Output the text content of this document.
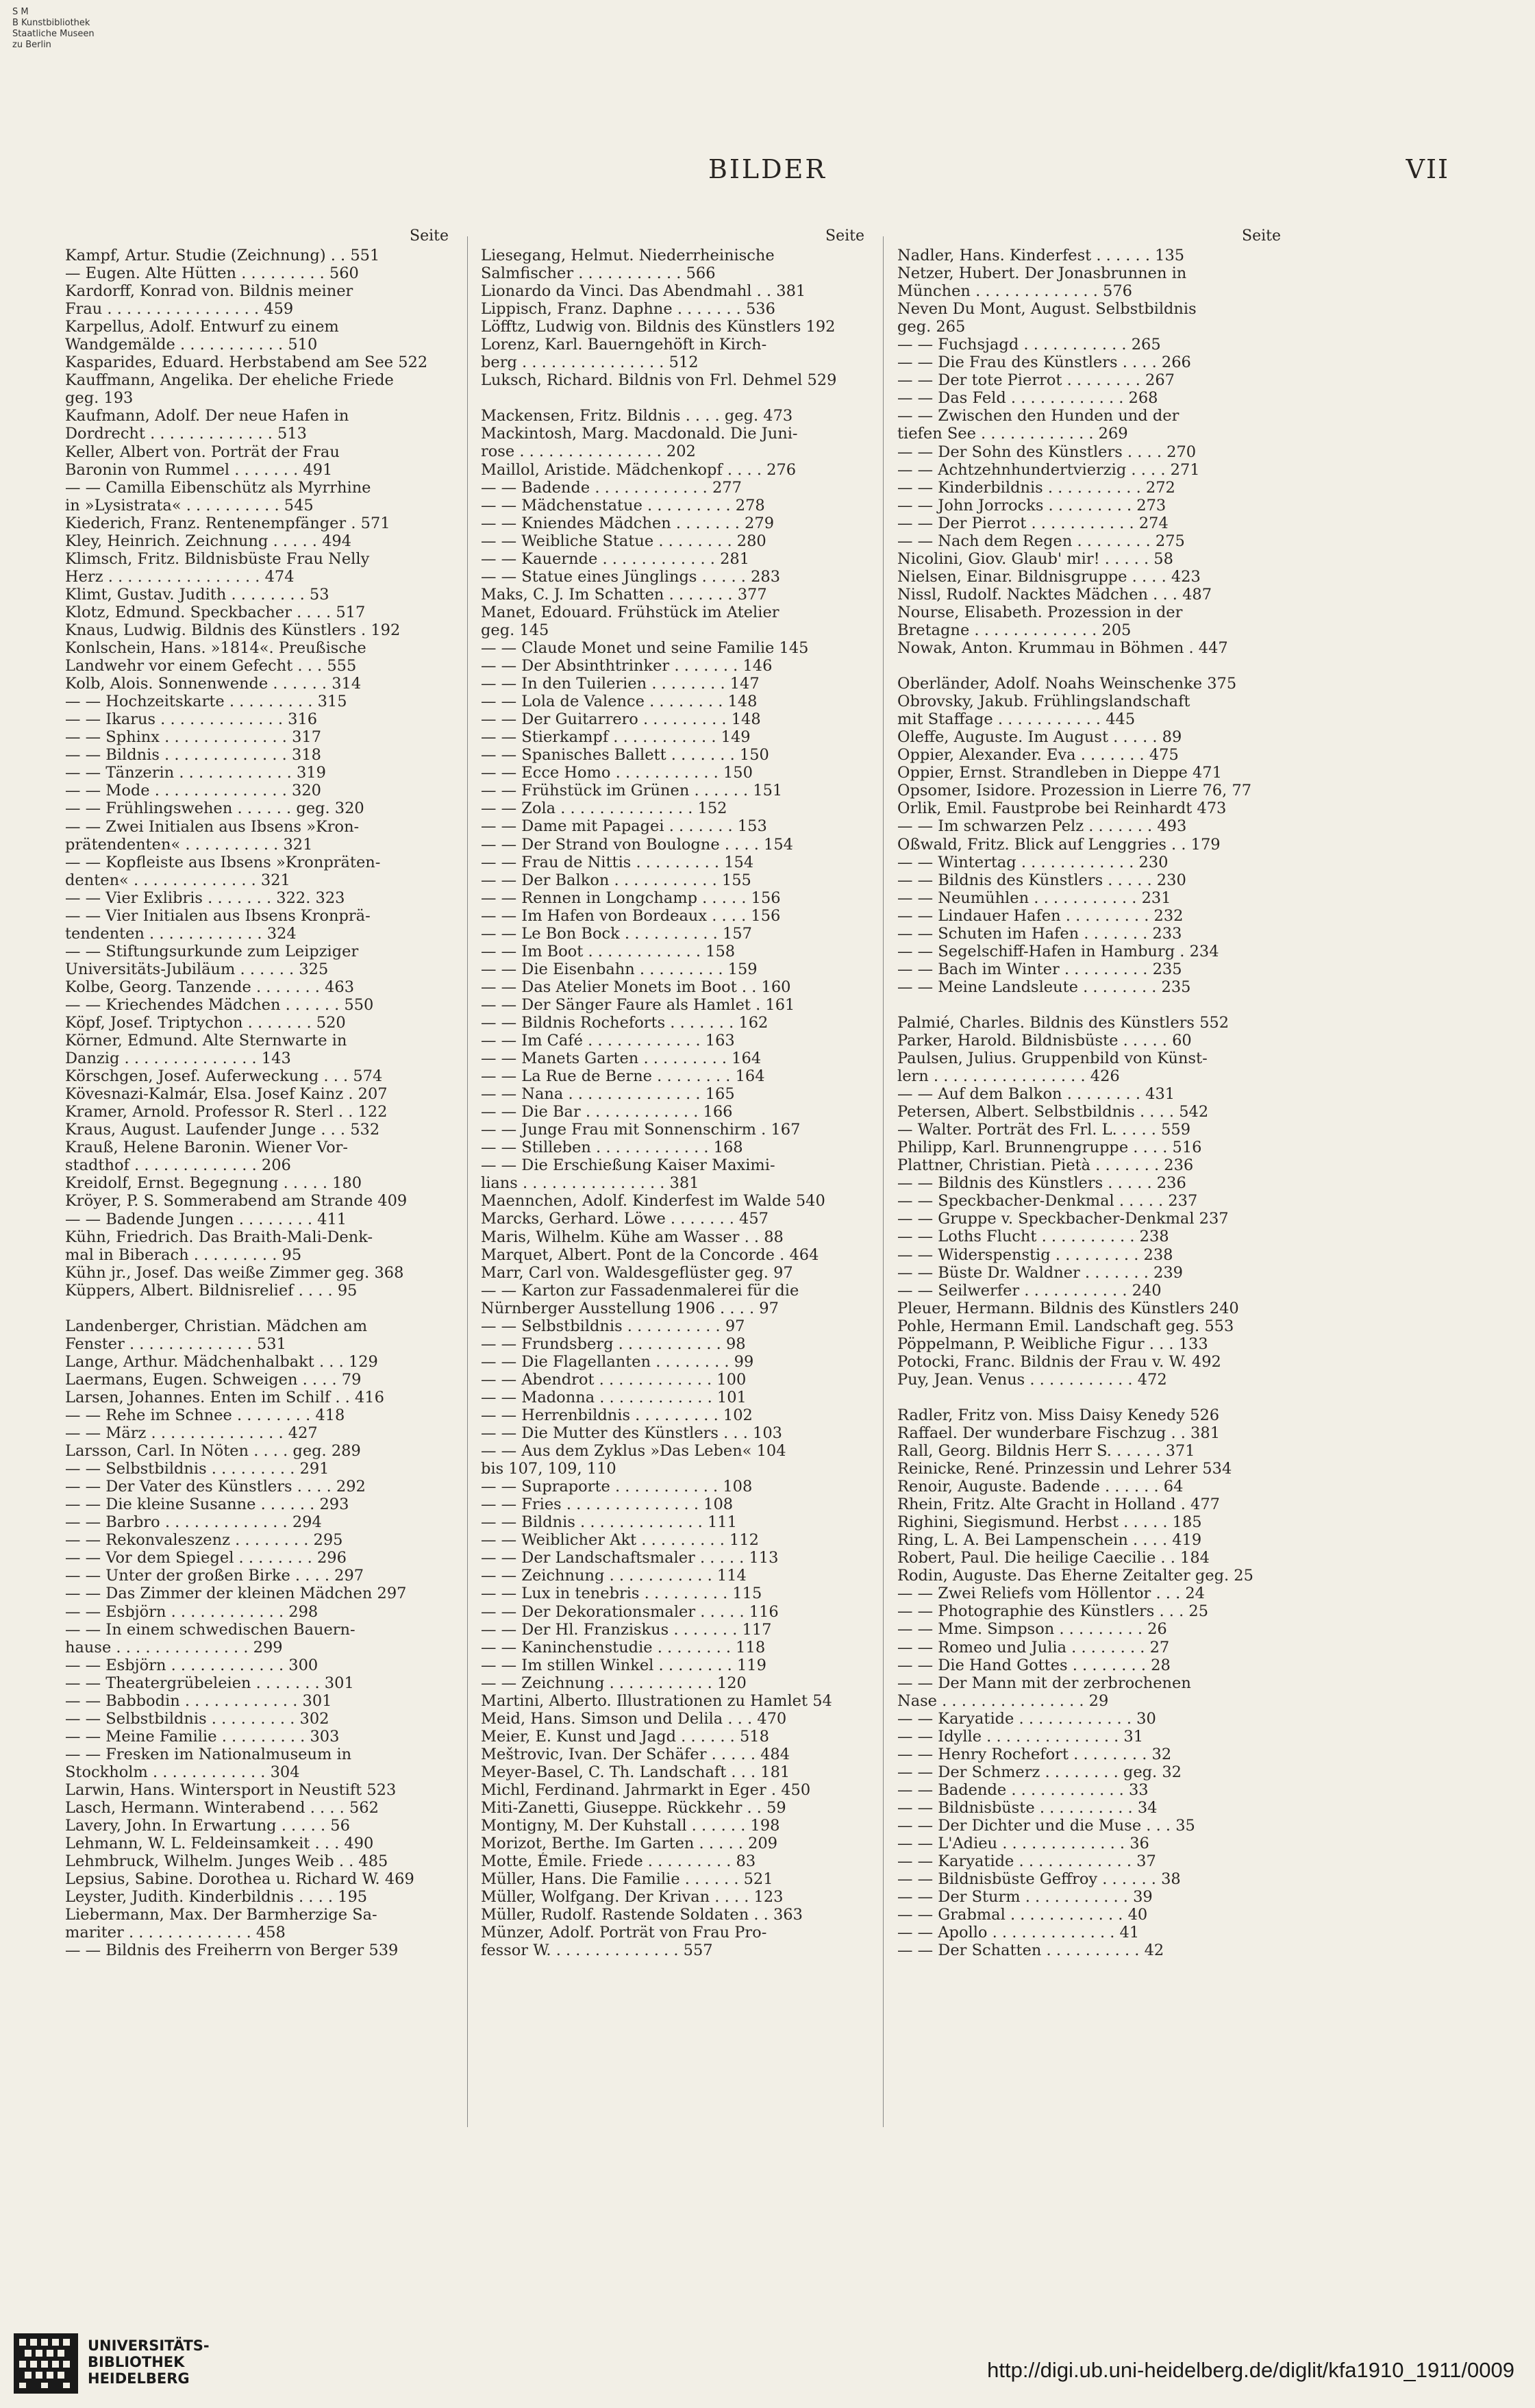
S M
B Kunstbibliothek
Staatliche Museen
zu Berlin
BILDER	VII
Seite
Kampf, Artur. Studie (Zeichnung) . . 551
— Eugen. Alte Hütten . . . . . . . . . 560
Kardorff, Konrad von. Bildnis meiner
Frau . . . . . . . . . . . . . . . . 459
Karpellus, Adolf. Entwurf zu einem
Wandgemälde . . . . . . . . . . . 510
Kasparides, Eduard. Herbstabend am See 522
Kauffmann, Angelika. Der eheliche Friede
geg. 193
Kaufmann, Adolf. Der neue Hafen in
Dordrecht . . . . . . . . . . . . . 513
Keller, Albert von. Porträt der Frau
Baronin von Rummel . . . . . . . 491
— — Camilla Eibenschütz als Myrrhine
in »Lysistrata« . . . . . . . . . . 545
Kiederich, Franz. Rentenempfänger . 571
Kley, Heinrich. Zeichnung . . . . . 494
Klimsch, Fritz. Bildnisbüste Frau Nelly
Herz . . . . . . . . . . . . . . . . 474
Klimt, Gustav. Judith . . . . . . . . 53
Klotz, Edmund. Speckbacher . . . . 517
Knaus, Ludwig. Bildnis des Künstlers . 192
Konlschein, Hans. »1814«. Preußische
Landwehr vor einem Gefecht . . . 555
Kolb, Alois. Sonnenwende . . . . . . 314
— — Hochzeitskarte . . . . . . . . . 315
— — Ikarus . . . . . . . . . . . . . 316
— — Sphinx . . . . . . . . . . . . . 317
— — Bildnis . . . . . . . . . . . . . 318
— — Tänzerin . . . . . . . . . . . . 319
— — Mode . . . . . . . . . . . . . . 320
— — Frühlingswehen . . . . . . geg. 320
— — Zwei Initialen aus Ibsens »Kron-
prätendenten« . . . . . . . . . . 321
— — Kopfleiste aus Ibsens »Kronpräten-
denten« . . . . . . . . . . . . . 321
— — Vier Exlibris . . . . . . . 322. 323
— — Vier Initialen aus Ibsens Kronprä-
tendenten . . . . . . . . . . . . 324
— — Stiftungsurkunde zum Leipziger
Universitäts-Jubiläum . . . . . . 325
Kolbe, Georg. Tanzende . . . . . . . 463
— — Kriechendes Mädchen . . . . . . 550
Köpf, Josef. Triptychon . . . . . . . 520
Körner, Edmund. Alte Sternwarte in
Danzig . . . . . . . . . . . . . . 143
Körschgen, Josef. Auferweckung . . . 574
Kövesnazi-Kalmár, Elsa. Josef Kainz . 207
Kramer, Arnold. Professor R. Sterl . . 122
Kraus, August. Laufender Junge . . . 532
Krauß, Helene Baronin. Wiener Vor-
stadthof . . . . . . . . . . . . . 206
Kreidolf, Ernst. Begegnung . . . . . 180
Kröyer, P. S. Sommerabend am Strande 409
— — Badende Jungen . . . . . . . . 411
Kühn, Friedrich. Das Braith-Mali-Denk-
mal in Biberach . . . . . . . . . 95
Kühn jr., Josef. Das weiße Zimmer geg. 368
Küppers, Albert. Bildnisrelief . . . . 95
Landenberger, Christian. Mädchen am
Fenster . . . . . . . . . . . . . 531
Lange, Arthur. Mädchenhalbakt . . . 129
Laermans, Eugen. Schweigen . . . . 79
Larsen, Johannes. Enten im Schilf . . 416
— — Rehe im Schnee . . . . . . . . 418
— — März . . . . . . . . . . . . . . 427
Larsson, Carl. In Nöten . . . . geg. 289
— — Selbstbildnis . . . . . . . . . 291
— — Der Vater des Künstlers . . . . 292
— — Die kleine Susanne . . . . . . 293
— — Barbro . . . . . . . . . . . . . 294
— — Rekonvaleszenz . . . . . . . . 295
— — Vor dem Spiegel . . . . . . . . 296
— — Unter der großen Birke . . . . 297
— — Das Zimmer der kleinen Mädchen 297
— — Esbjörn . . . . . . . . . . . . 298
— — In einem schwedischen Bauern-
hause . . . . . . . . . . . . . . 299
— — Esbjörn . . . . . . . . . . . . 300
— — Theatergrübeleien . . . . . . . 301
— — Babbodin . . . . . . . . . . . . 301
— — Selbstbildnis . . . . . . . . . 302
— — Meine Familie . . . . . . . . . 303
— — Fresken im Nationalmuseum in
Stockholm . . . . . . . . . . . . 304
Larwin, Hans. Wintersport in Neustift 523
Lasch, Hermann. Winterabend . . . . 562
Lavery, John. In Erwartung . . . . . 56
Lehmann, W. L. Feldeinsamkeit . . . 490
Lehmbruck, Wilhelm. Junges Weib . . 485
Lepsius, Sabine. Dorothea u. Richard W. 469
Leyster, Judith. Kinderbildnis . . . . 195
Liebermann, Max. Der Barmherzige Sa-
mariter . . . . . . . . . . . . . 458
— — Bildnis des Freiherrn von Berger 539
Seite
Liesegang, Helmut. Niederrheinische
Salmfischer . . . . . . . . . . . 566
Lionardo da Vinci. Das Abendmahl . . 381
Lippisch, Franz. Daphne . . . . . . . 536
Löfftz, Ludwig von. Bildnis des Künstlers 192
Lorenz, Karl. Bauerngehöft in Kirch-
berg . . . . . . . . . . . . . . . 512
Luksch, Richard. Bildnis von Frl. Dehmel 529
Mackensen, Fritz. Bildnis . . . . geg. 473
Mackintosh, Marg. Macdonald. Die Juni-
rose . . . . . . . . . . . . . . . 202
Maillol, Aristide. Mädchenkopf . . . . 276
— — Badende . . . . . . . . . . . . 277
— — Mädchenstatue . . . . . . . . . 278
— — Kniendes Mädchen . . . . . . . 279
— — Weibliche Statue . . . . . . . . 280
— — Kauernde . . . . . . . . . . . . 281
— — Statue eines Jünglings . . . . . 283
Maks, C. J. Im Schatten . . . . . . . 377
Manet, Edouard. Frühstück im Atelier
geg. 145
— — Claude Monet und seine Familie 145
— — Der Absinthtrinker . . . . . . . 146
— — In den Tuilerien . . . . . . . . 147
— — Lola de Valence . . . . . . . . 148
— — Der Guitarrero . . . . . . . . . 148
— — Stierkampf . . . . . . . . . . . 149
— — Spanisches Ballett . . . . . . . 150
— — Ecce Homo . . . . . . . . . . . 150
— — Frühstück im Grünen . . . . . . 151
— — Zola . . . . . . . . . . . . . . 152
— — Dame mit Papagei . . . . . . . 153
— — Der Strand von Boulogne . . . . 154
— — Frau de Nittis . . . . . . . . . 154
— — Der Balkon . . . . . . . . . . . 155
— — Rennen in Longchamp . . . . . 156
— — Im Hafen von Bordeaux . . . . 156
— — Le Bon Bock . . . . . . . . . . 157
— — Im Boot . . . . . . . . . . . . 158
— — Die Eisenbahn . . . . . . . . . 159
— — Das Atelier Monets im Boot . . 160
— — Der Sänger Faure als Hamlet . 161
— — Bildnis Rocheforts . . . . . . . 162
— — Im Café . . . . . . . . . . . . 163
— — Manets Garten . . . . . . . . . 164
— — La Rue de Berne . . . . . . . . 164
— — Nana . . . . . . . . . . . . . . 165
— — Die Bar . . . . . . . . . . . . 166
— — Junge Frau mit Sonnenschirm . 167
— — Stilleben . . . . . . . . . . . . 168
— — Die Erschießung Kaiser Maximi-
lians . . . . . . . . . . . . . . . 381
Maennchen, Adolf. Kinderfest im Walde 540
Marcks, Gerhard. Löwe . . . . . . . 457
Maris, Wilhelm. Kühe am Wasser . . 88
Marquet, Albert. Pont de la Concorde . 464
Marr, Carl von. Waldesgeflüster geg. 97
— — Karton zur Fassadenmalerei für die
Nürnberger Ausstellung 1906 . . . . 97
— — Selbstbildnis . . . . . . . . . . 97
— — Frundsberg . . . . . . . . . . . 98
— — Die Flagellanten . . . . . . . . 99
— — Abendrot . . . . . . . . . . . . 100
— — Madonna . . . . . . . . . . . . 101
— — Herrenbildnis . . . . . . . . . 102
— — Die Mutter des Künstlers . . . 103
— — Aus dem Zyklus »Das Leben« 104
bis 107, 109, 110
— — Supraporte . . . . . . . . . . . 108
— — Fries . . . . . . . . . . . . . . 108
— — Bildnis . . . . . . . . . . . . . 111
— — Weiblicher Akt . . . . . . . . . 112
— — Der Landschaftsmaler . . . . . 113
— — Zeichnung . . . . . . . . . . . 114
— — Lux in tenebris . . . . . . . . . 115
— — Der Dekorationsmaler . . . . . 116
— — Der Hl. Franziskus . . . . . . . 117
— — Kaninchenstudie . . . . . . . . 118
— — Im stillen Winkel . . . . . . . . 119
— — Zeichnung . . . . . . . . . . . 120
Martini, Alberto. Illustrationen zu Hamlet 54
Meid, Hans. Simson und Delila . . . 470
Meier, E. Kunst und Jagd . . . . . . 518
Meštrovic, Ivan. Der Schäfer . . . . . 484
Meyer-Basel, C. Th. Landschaft . . . 181
Michl, Ferdinand. Jahrmarkt in Eger . 450
Miti-Zanetti, Giuseppe. Rückkehr . . 59
Montigny, M. Der Kuhstall . . . . . . 198
Morizot, Berthe. Im Garten . . . . . 209
Motte, Émile. Friede . . . . . . . . . 83
Müller, Hans. Die Familie . . . . . . 521
Müller, Wolfgang. Der Krivan . . . . 123
Müller, Rudolf. Rastende Soldaten . . 363
Münzer, Adolf. Porträt von Frau Pro-
fessor W. . . . . . . . . . . . . . 557
Seite
Nadler, Hans. Kinderfest . . . . . . 135
Netzer, Hubert. Der Jonasbrunnen in
München . . . . . . . . . . . . . 576
Neven Du Mont, August. Selbstbildnis
geg. 265
— — Fuchsjagd . . . . . . . . . . . 265
— — Die Frau des Künstlers . . . . 266
— — Der tote Pierrot . . . . . . . . 267
— — Das Feld . . . . . . . . . . . . 268
— — Zwischen den Hunden und der
tiefen See . . . . . . . . . . . . 269
— — Der Sohn des Künstlers . . . . 270
— — Achtzehnhundertvierzig . . . . 271
— — Kinderbildnis . . . . . . . . . . 272
— — John Jorrocks . . . . . . . . . 273
— — Der Pierrot . . . . . . . . . . . 274
— — Nach dem Regen . . . . . . . . 275
Nicolini, Giov. Glaub' mir! . . . . . 58
Nielsen, Einar. Bildnisgruppe . . . . 423
Nissl, Rudolf. Nacktes Mädchen . . . 487
Nourse, Elisabeth. Prozession in der
Bretagne . . . . . . . . . . . . . 205
Nowak, Anton. Krummau in Böhmen . 447
Oberländer, Adolf. Noahs Weinschenke 375
Obrovsky, Jakub. Frühlingslandschaft
mit Staffage . . . . . . . . . . . 445
Oleffe, Auguste. Im August . . . . . 89
Oppier, Alexander. Eva . . . . . . . 475
Oppier, Ernst. Strandleben in Dieppe 471
Opsomer, Isidore. Prozession in Lierre 76, 77
Orlik, Emil. Faustprobe bei Reinhardt 473
— — Im schwarzen Pelz . . . . . . . 493
Oßwald, Fritz. Blick auf Lenggries . . 179
— — Wintertag . . . . . . . . . . . . 230
— — Bildnis des Künstlers . . . . . 230
— — Neumühlen . . . . . . . . . . . 231
— — Lindauer Hafen . . . . . . . . . 232
— — Schuten im Hafen . . . . . . . 233
— — Segelschiff-Hafen in Hamburg . 234
— — Bach im Winter . . . . . . . . . 235
— — Meine Landsleute . . . . . . . . 235
Palmié, Charles. Bildnis des Künstlers 552
Parker, Harold. Bildnisbüste . . . . . 60
Paulsen, Julius. Gruppenbild von Künst-
lern . . . . . . . . . . . . . . . . 426
— — Auf dem Balkon . . . . . . . . 431
Petersen, Albert. Selbstbildnis . . . . 542
— Walter. Porträt des Frl. L. . . . . 559
Philipp, Karl. Brunnengruppe . . . . 516
Plattner, Christian. Pietà . . . . . . . 236
— — Bildnis des Künstlers . . . . . 236
— — Speckbacher-Denkmal . . . . . 237
— — Gruppe v. Speckbacher-Denkmal 237
— — Loths Flucht . . . . . . . . . . 238
— — Widerspenstig . . . . . . . . . 238
— — Büste Dr. Waldner . . . . . . . 239
— — Seilwerfer . . . . . . . . . . . 240
Pleuer, Hermann. Bildnis des Künstlers 240
Pohle, Hermann Emil. Landschaft geg. 553
Pöppelmann, P. Weibliche Figur . . . 133
Potocki, Franc. Bildnis der Frau v. W. 492
Puy, Jean. Venus . . . . . . . . . . . 472
Radler, Fritz von. Miss Daisy Kenedy 526
Raffael. Der wunderbare Fischzug . . 381
Rall, Georg. Bildnis Herr S. . . . . . 371
Reinicke, René. Prinzessin und Lehrer 534
Renoir, Auguste. Badende . . . . . . 64
Rhein, Fritz. Alte Gracht in Holland . 477
Righini, Siegismund. Herbst . . . . . 185
Ring, L. A. Bei Lampenschein . . . . 419
Robert, Paul. Die heilige Caecilie . . 184
Rodin, Auguste. Das Eherne Zeitalter geg. 25
— — Zwei Reliefs vom Höllentor . . . 24
— — Photographie des Künstlers . . . 25
— — Mme. Simpson . . . . . . . . . 26
— — Romeo und Julia . . . . . . . . 27
— — Die Hand Gottes . . . . . . . . 28
— — Der Mann mit der zerbrochenen
Nase . . . . . . . . . . . . . . . 29
— — Karyatide . . . . . . . . . . . . 30
— — Idylle . . . . . . . . . . . . . . 31
— — Henry Rochefort . . . . . . . . 32
— — Der Schmerz . . . . . . . . geg. 32
— — Badende . . . . . . . . . . . . 33
— — Bildnisbüste . . . . . . . . . . 34
— — Der Dichter und die Muse . . . 35
— — L'Adieu . . . . . . . . . . . . . 36
— — Karyatide . . . . . . . . . . . . 37
— — Bildnisbüste Geffroy . . . . . . 38
— — Der Sturm . . . . . . . . . . . 39
— — Grabmal . . . . . . . . . . . . 40
— — Apollo . . . . . . . . . . . . . 41
— — Der Schatten . . . . . . . . . . 42
UNIVERSITÄTS-
BIBLIOTHEK
HEIDELBERG	http://digi.ub.uni-heidelberg.de/diglit/kfa1910_1911/0009
